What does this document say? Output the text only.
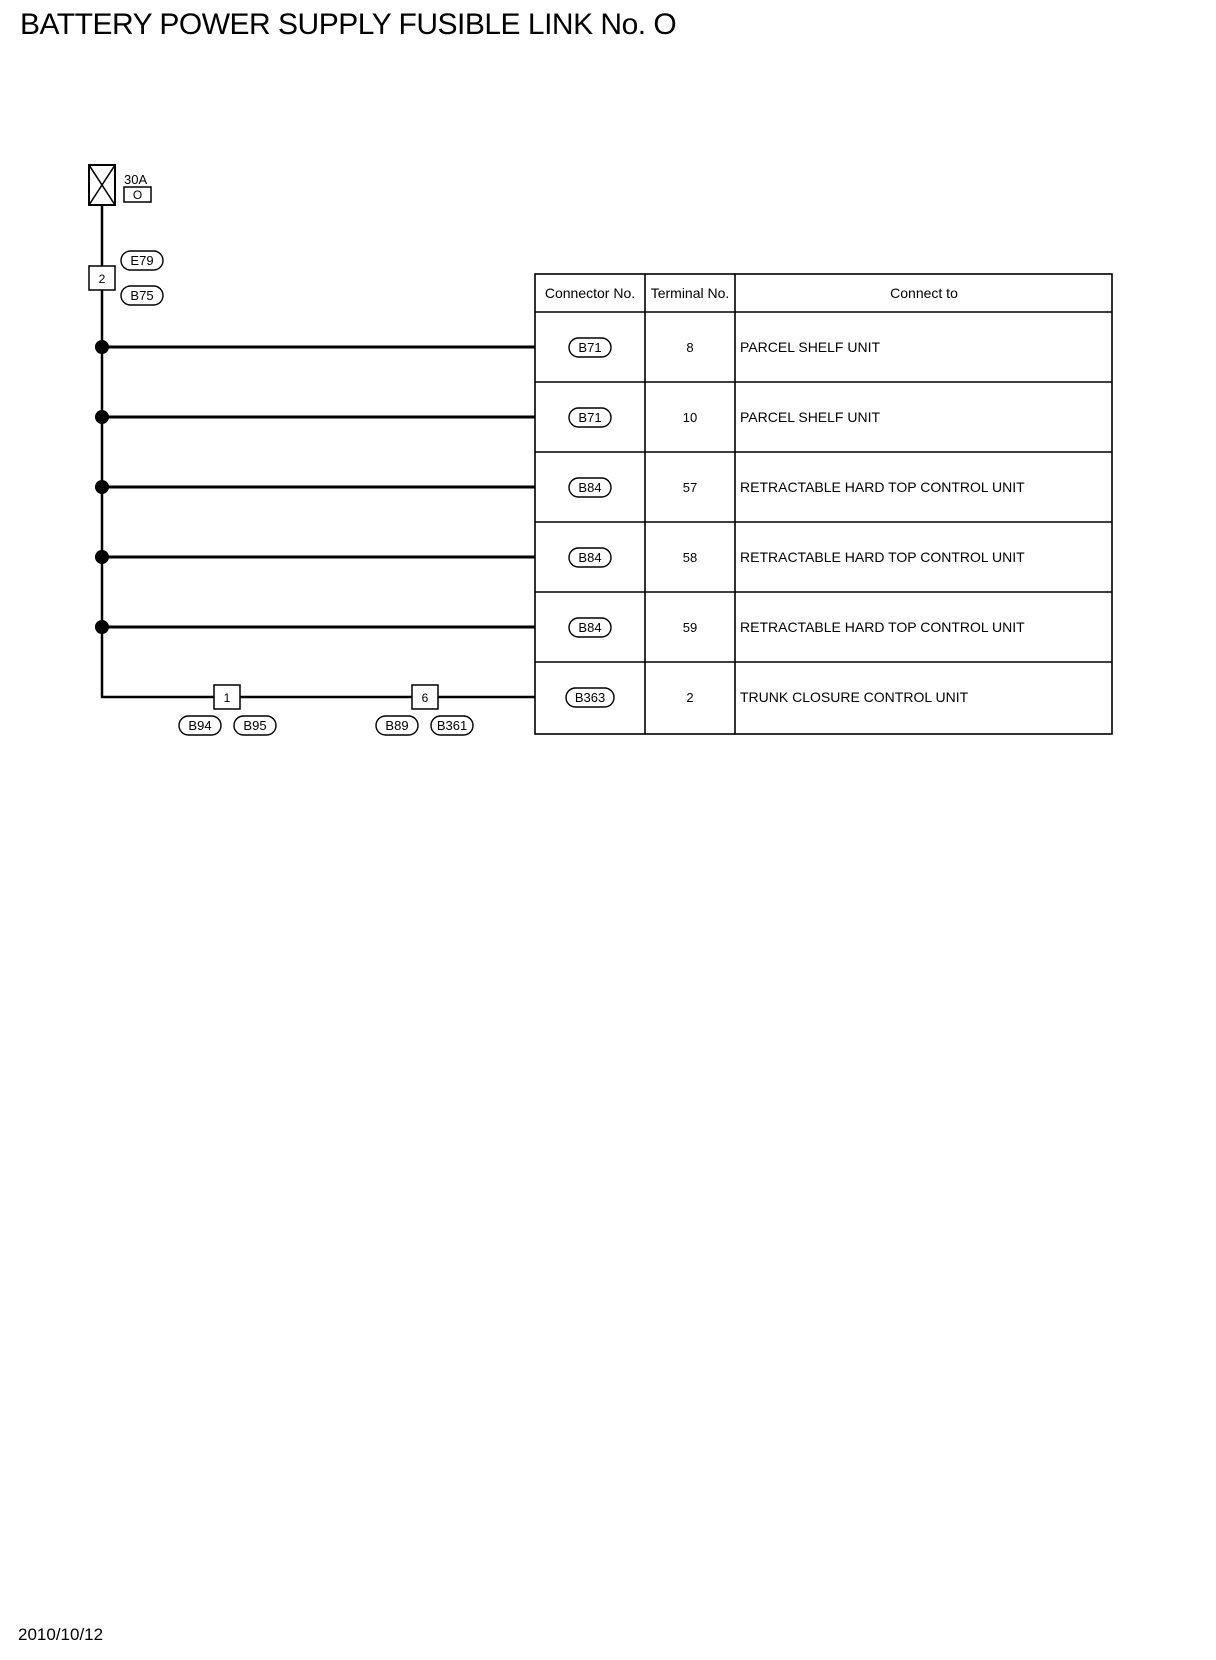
BATTERY POWER SUPPLY FUSIBLE LINK No. O
30A
O
2
E79
B75
1
B94 B95
6
B89 B361
Connector No. Terminal No.	Connect to
B71	8	PARCEL SHELF UNIT
B71	10	PARCEL SHELF UNIT
B84	57	RETRACTABLE HARD TOP CONTROL UNIT
B84	58	RETRACTABLE HARD TOP CONTROL UNIT
B84	59	RETRACTABLE HARD TOP CONTROL UNIT
B363	2	TRUNK CLOSURE CONTROL UNIT
2010/10/12
